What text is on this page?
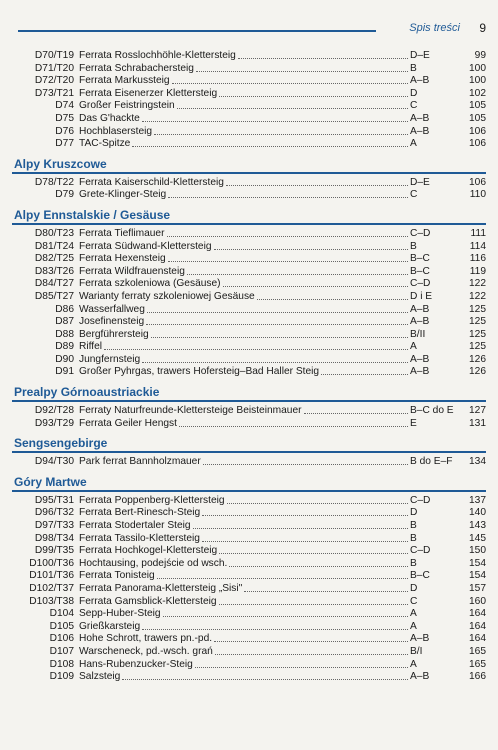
Spis treści 9
D70/T19 Ferrata Rosslochhöhle-Klettersteig	D–E	99
D71/T20 Ferrata Schrabachersteig	B	100
D72/T20 Ferrata Markussteig	A–B	100
D73/T21 Ferrata Eisenerzer Klettersteig	D	102
D74 Großer Feistringstein	C	105
D75 Das G'hackte	A–B	105
D76 Hochblasersteig	A–B	106
D77 TAC-Spitze	A	106
Alpy Kruszcowe
D78/T22 Ferrata Kaiserschild-Klettersteig	D–E	106
D79 Grete-Klinger-Steig	C	110
Alpy Ennstalskie / Gesäuse
D80/T23 Ferrata Tieflimauer	C–D	111
D81/T24 Ferrata Südwand-Klettersteig	B	114
D82/T25 Ferrata Hexensteig	B–C	116
D83/T26 Ferrata Wildfrauensteig	B–C	119
D84/T27 Ferrata szkoleniowa (Gesäuse)	C–D	122
D85/T27 Warianty ferraty szkoleniowej Gesäuse	D i E	122
D86 Wasserfallweg	A–B	125
D87 Josefinensteig	A–B	125
D88 Bergführersteig	B/II	125
D89 Riffel	A	125
D90 Jungfernsteig	A–B	126
D91 Großer Pyhrgas, trawers Hofersteig–Bad Haller Steig	A–B	126
Prealpy Górnoaustriackie
D92/T28 Ferraty Naturfreunde-Klettersteige Beisteinmauer	B–C do E	127
D93/T29 Ferrata Geiler Hengst	E	131
Sengsengebirge
D94/T30 Park ferrat Bannholzmauer	B do E–F	134
Góry Martwe
D95/T31 Ferrata Poppenberg-Klettersteig	C–D	137
D96/T32 Ferrata Bert-Rinesch-Steig	D	140
D97/T33 Ferrata Stodertaler Steig	B	143
D98/T34 Ferrata Tassilo-Klettersteig	B	145
D99/T35 Ferrata Hochkogel-Klettersteig	C–D	150
D100/T36 Hochtausing, podejście od wsch.	B	154
D101/T36 Ferrata Tonisteig	B–C	154
D102/T37 Ferrata Panorama-Klettersteig „Sisi"	D	157
D103/T38 Ferrata Gamsblick-Klettersteig	C	160
D104 Sepp-Huber-Steig	A	164
D105 Grießkarsteig	A	164
D106 Hohe Schrott, trawers pn.-pd.	A–B	164
D107 Warscheneck, pd.-wsch. grań	B/I	165
D108 Hans-Rubenzucker-Steig	A	165
D109 Salzsteig	A–B	166
